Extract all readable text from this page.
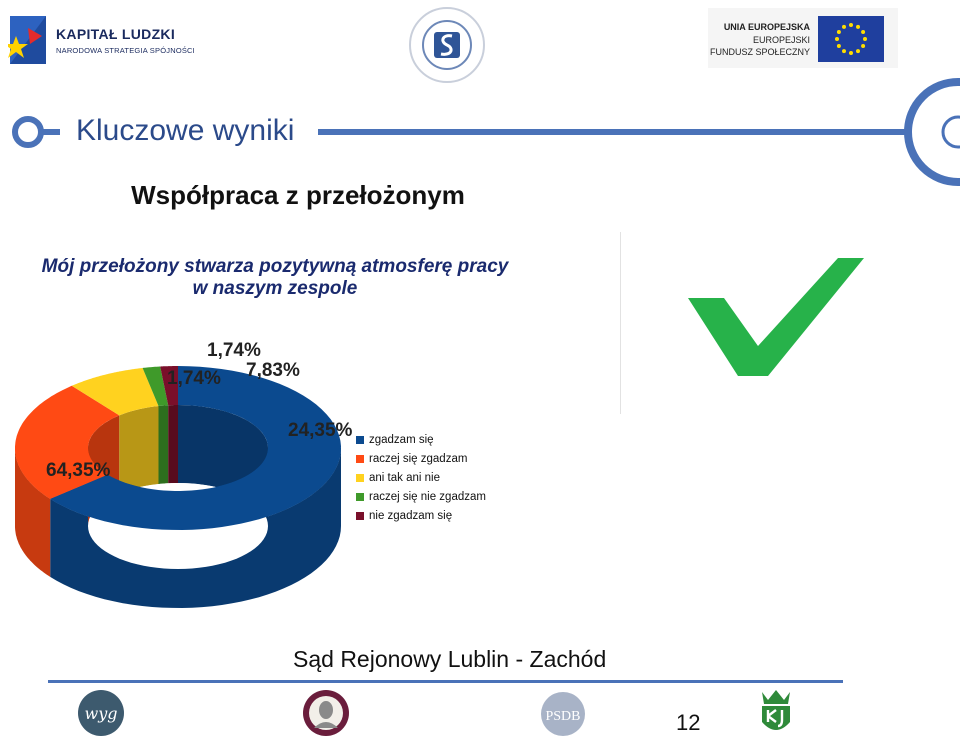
KAPITAŁ LUDZKI
NARODOWA STRATEGIA SPÓJNOŚCI
UNIA EUROPEJSKA
EUROPEJSKI
FUNDUSZ SPOŁECZNY
Kluczowe wyniki
Współpraca z przełożonym
Mój przełożony stwarza pozytywną atmosferę pracy
w naszym zespole
64,35%
24,35%
7,83%
1,74%
1,74%
zgadzam się
raczej się zgadzam
ani tak ani nie
raczej się nie zgadzam
nie zgadzam się
Sąd Rejonowy Lublin - Zachód
wyg	PSDB	12
